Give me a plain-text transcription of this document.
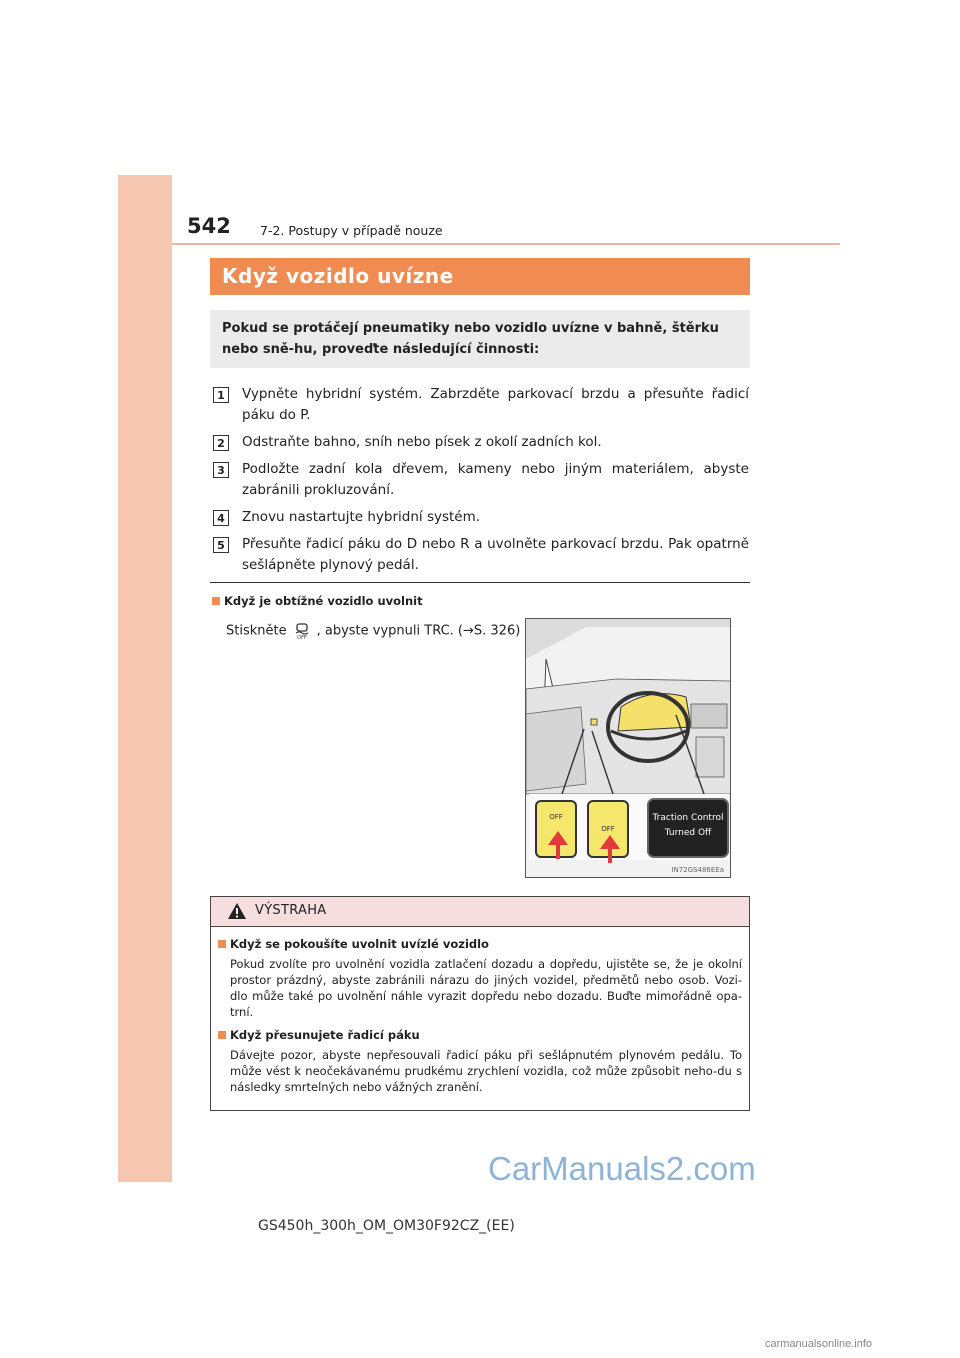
542 7-2. Postupy v případě nouze
Když vozidlo uvízne
Pokud se protáčejí pneumatiky nebo vozidlo uvízne v bahně, štěrku nebo sně-hu, proveďte následující činnosti:
1	Vypněte hybridní systém. Zabrzděte parkovací brzdu a přesuňte řadicí páku do P.
2	Odstraňte bahno, sníh nebo písek z okolí zadních kol.
3	Podložte zadní kola dřevem, kameny nebo jiným materiálem, abyste zabránili prokluzování.
4	Znovu nastartujte hybridní systém.
5	Přesuňte řadicí páku do D nebo R a uvolněte parkovací brzdu. Pak opatrně sešlápněte plynový pedál.
Když je obtížné vozidlo uvolnit
Stiskněte OFF , abyste vypnuli TRC. (→S. 326)
OFF
OFF
Traction Control
Turned Off
IN72GS486EEa
VÝSTRAHA
Když se pokoušíte uvolnit uvízlé vozidlo
Pokud zvolíte pro uvolnění vozidla zatlačení dozadu a dopředu, ujistěte se, že je okolní prostor prázdný, abyste zabránili nárazu do jiných vozidel, předmětů nebo osob. Vozi-dlo může také po uvolnění náhle vyrazit dopředu nebo dozadu. Buďte mimořádně opa-trní.
Když přesunujete řadicí páku
Dávejte pozor, abyste nepřesouvali řadicí páku při sešlápnutém plynovém pedálu. To může vést k neočekávanému prudkému zrychlení vozidla, což může způsobit neho-du s následky smrtelných nebo vážných zranění.
GS450h_300h_OM_OM30F92CZ_(EE)
CarManuals2.com
carmanualsonline.info
